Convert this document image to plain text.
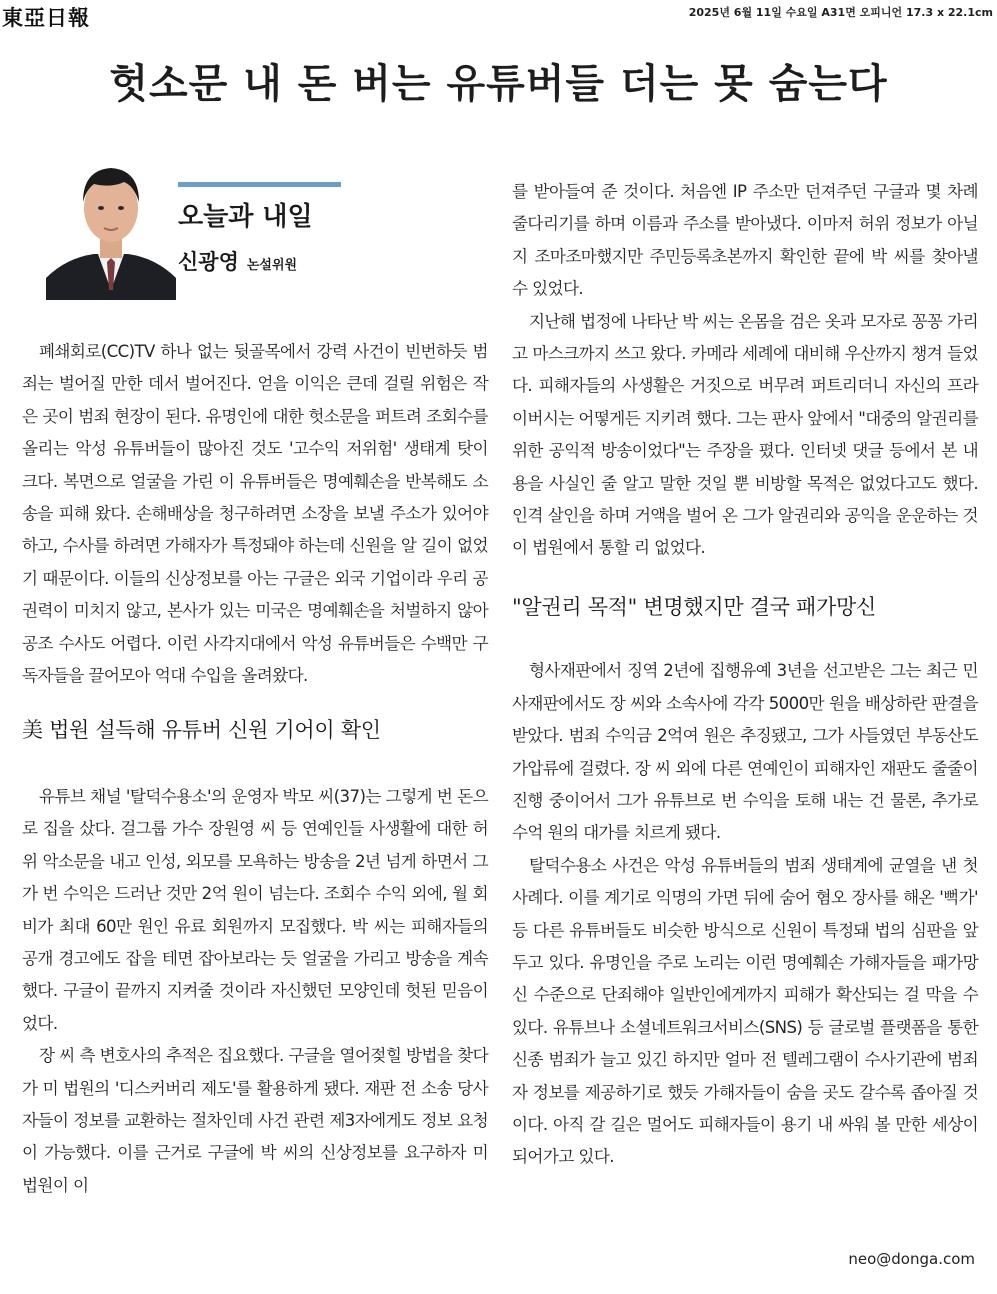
東亞日報	2025년 6월 11일 수요일 A31면 오피니언 17.3 x 22.1cm
헛소문 내 돈 버는 유튜버들 더는 못 숨는다
오늘과 내일
신광영 논설위원

폐쇄회로(CC)TV 하나 없는 뒷골목에서 강력 사건이 빈번하듯 범죄는 벌어질 만한 데서 벌어진다. 얻을 이익은 큰데 걸릴 위험은 작은 곳이 범죄 현장이 된다. 유명인에 대한 헛소문을 퍼트려 조회수를 올리는 악성 유튜버들이 많아진 것도 '고수익 저위험' 생태계 탓이 크다. 복면으로 얼굴을 가린 이 유튜버들은 명예훼손을 반복해도 소송을 피해 왔다. 손해배상을 청구하려면 소장을 보낼 주소가 있어야 하고, 수사를 하려면 가해자가 특정돼야 하는데 신원을 알 길이 없었기 때문이다. 이들의 신상정보를 아는 구글은 외국 기업이라 우리 공권력이 미치지 않고, 본사가 있는 미국은 명예훼손을 처벌하지 않아 공조 수사도 어렵다. 이런 사각지대에서 악성 유튜버들은 수백만 구독자들을 끌어모아 억대 수입을 올려왔다.

美 법원 설득해 유튜버 신원 기어이 확인

유튜브 채널 '탈덕수용소'의 운영자 박모 씨(37)는 그렇게 번 돈으로 집을 샀다. 걸그룹 가수 장원영 씨 등 연예인들 사생활에 대한 허위 악소문을 내고 인성, 외모를 모욕하는 방송을 2년 넘게 하면서 그가 번 수익은 드러난 것만 2억 원이 넘는다. 조회수 수익 외에, 월 회비가 최대 60만 원인 유료 회원까지 모집했다. 박 씨는 피해자들의 공개 경고에도 잡을 테면 잡아보라는 듯 얼굴을 가리고 방송을 계속했다. 구글이 끝까지 지켜줄 것이라 자신했던 모양인데 헛된 믿음이었다.

장 씨 측 변호사의 추적은 집요했다. 구글을 열어젖힐 방법을 찾다가 미 법원의 '디스커버리 제도'를 활용하게 됐다. 재판 전 소송 당사자들이 정보를 교환하는 절차인데 사건 관련 제3자에게도 정보 요청이 가능했다. 이를 근거로 구글에 박 씨의 신상정보를 요구하자 미 법원이 이

를 받아들여 준 것이다. 처음엔 IP 주소만 던져주던 구글과 몇 차례 줄다리기를 하며 이름과 주소를 받아냈다. 이마저 허위 정보가 아닐지 조마조마했지만 주민등록초본까지 확인한 끝에 박 씨를 찾아낼 수 있었다.

지난해 법정에 나타난 박 씨는 온몸을 검은 옷과 모자로 꽁꽁 가리고 마스크까지 쓰고 왔다. 카메라 세례에 대비해 우산까지 챙겨 들었다. 피해자들의 사생활은 거짓으로 버무려 퍼트리더니 자신의 프라이버시는 어떻게든 지키려 했다. 그는 판사 앞에서 "대중의 알권리를 위한 공익적 방송이었다"는 주장을 폈다. 인터넷 댓글 등에서 본 내용을 사실인 줄 알고 말한 것일 뿐 비방할 목적은 없었다고도 했다. 인격 살인을 하며 거액을 벌어 온 그가 알권리와 공익을 운운하는 것이 법원에서 통할 리 없었다.

"알권리 목적" 변명했지만 결국 패가망신

형사재판에서 징역 2년에 집행유예 3년을 선고받은 그는 최근 민사재판에서도 장 씨와 소속사에 각각 5000만 원을 배상하란 판결을 받았다. 범죄 수익금 2억여 원은 추징됐고, 그가 사들였던 부동산도 가압류에 걸렸다. 장 씨 외에 다른 연예인이 피해자인 재판도 줄줄이 진행 중이어서 그가 유튜브로 번 수익을 토해 내는 건 물론, 추가로 수억 원의 대가를 치르게 됐다.

탈덕수용소 사건은 악성 유튜버들의 범죄 생태계에 균열을 낸 첫 사례다. 이를 계기로 익명의 가면 뒤에 숨어 혐오 장사를 해온 '뻑가' 등 다른 유튜버들도 비슷한 방식으로 신원이 특정돼 법의 심판을 앞두고 있다. 유명인을 주로 노리는 이런 명예훼손 가해자들을 패가망신 수준으로 단죄해야 일반인에게까지 피해가 확산되는 걸 막을 수 있다. 유튜브나 소셜네트워크서비스(SNS) 등 글로벌 플랫폼을 통한 신종 범죄가 늘고 있긴 하지만 얼마 전 텔레그램이 수사기관에 범죄자 정보를 제공하기로 했듯 가해자들이 숨을 곳도 갈수록 좁아질 것이다. 아직 갈 길은 멀어도 피해자들이 용기 내 싸워 볼 만한 세상이 되어가고 있다.

neo@donga.com
